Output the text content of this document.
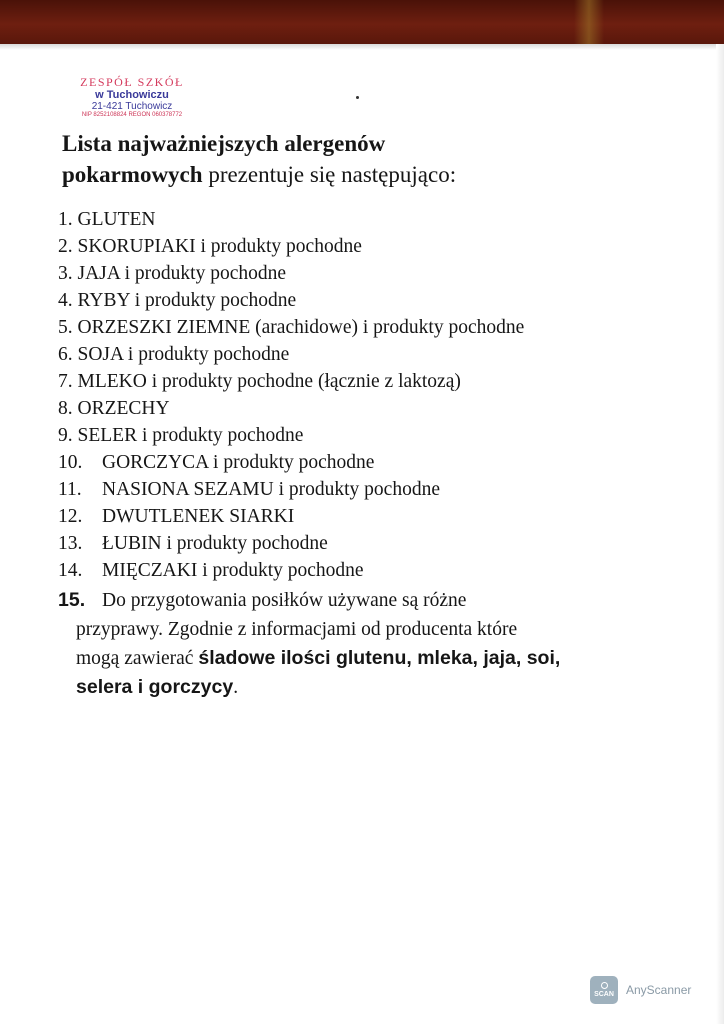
ZESPÓŁ SZKÓŁ
w Tuchowiczu
21-421 Tuchowicz
NIP 8252108824 REGON 060378772
Lista najważniejszych alergenów
pokarmowych prezentuje się następująco:
1. GLUTEN
2. SKORUPIAKI i produkty pochodne
3. JAJA i produkty pochodne
4. RYBY i produkty pochodne
5. ORZESZKI ZIEMNE (arachidowe) i produkty pochodne
6. SOJA i produkty pochodne
7. MLEKO i produkty pochodne (łącznie z laktozą)
8. ORZECHY
9. SELER i produkty pochodne
10. GORCZYCA i produkty pochodne
11. NASIONA SEZAMU i produkty pochodne
12. DWUTLENEK SIARKI
13. ŁUBIN i produkty pochodne
14. MIĘCZAKI i produkty pochodne
15. Do przygotowania posiłków używane są różne
przyprawy. Zgodnie z informacjami od producenta które
mogą zawierać śladowe ilości glutenu, mleka, jaja, soi,
selera i gorczycy.
SCAN AnyScanner
